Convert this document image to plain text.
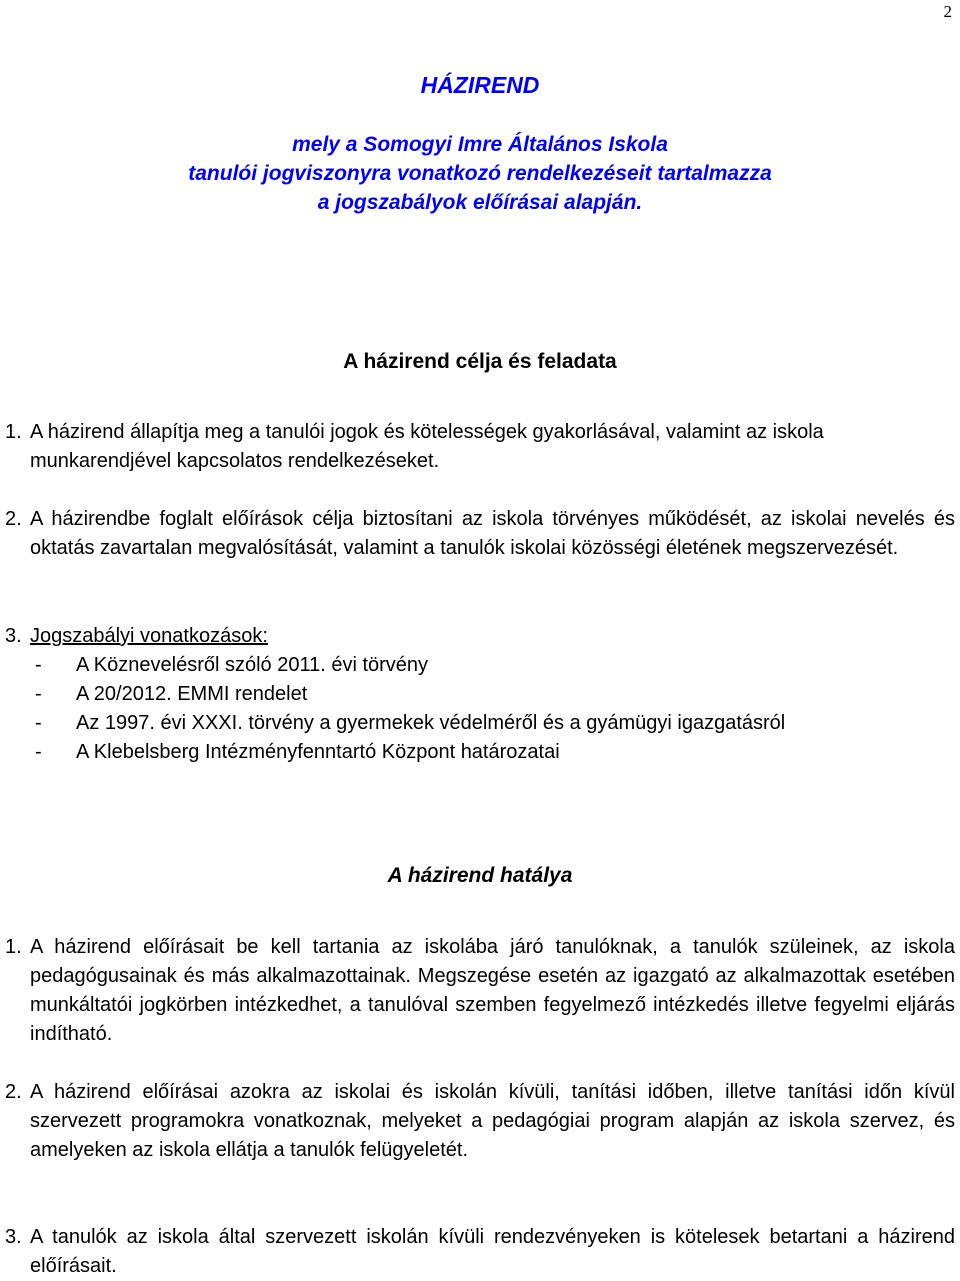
2
HÁZIREND
mely a Somogyi Imre Általános Iskola
tanulói jogviszonyra vonatkozó rendelkezéseit tartalmazza
a jogszabályok előírásai alapján.
A házirend célja és feladata
1. A házirend állapítja meg a tanulói jogok és kötelességek gyakorlásával, valamint az iskola munkarendjével kapcsolatos rendelkezéseket.
2. A házirendbe foglalt előírások célja biztosítani az iskola törvényes működését, az iskolai nevelés és oktatás zavartalan megvalósítását, valamint a tanulók iskolai közösségi életének megszervezését.
3. Jogszabályi vonatkozások:
- A Köznevelésről szóló 2011. évi törvény
- A 20/2012. EMMI rendelet
- Az 1997. évi XXXI. törvény a gyermekek védelméről és a gyámügyi igazgatásról
- A Klebelsberg Intézményfenntartó Központ határozatai
A házirend hatálya
1. A házirend előírásait be kell tartania az iskolába járó tanulóknak, a tanulók szüleinek, az iskola pedagógusainak és más alkalmazottainak. Megszegése esetén az igazgató az alkalmazottak esetében munkáltatói jogkörben intézkedhet, a tanulóval szemben fegyelmező intézkedés illetve fegyelmi eljárás indítható.
2. A házirend előírásai azokra az iskolai és iskolán kívüli, tanítási időben, illetve tanítási időn kívül szervezett programokra vonatkoznak, melyeket a pedagógiai program alapján az iskola szervez, és amelyeken az iskola ellátja a tanulók felügyeletét.
3. A tanulók az iskola által szervezett iskolán kívüli rendezvényeken is kötelesek betartani a házirend előírásait.
